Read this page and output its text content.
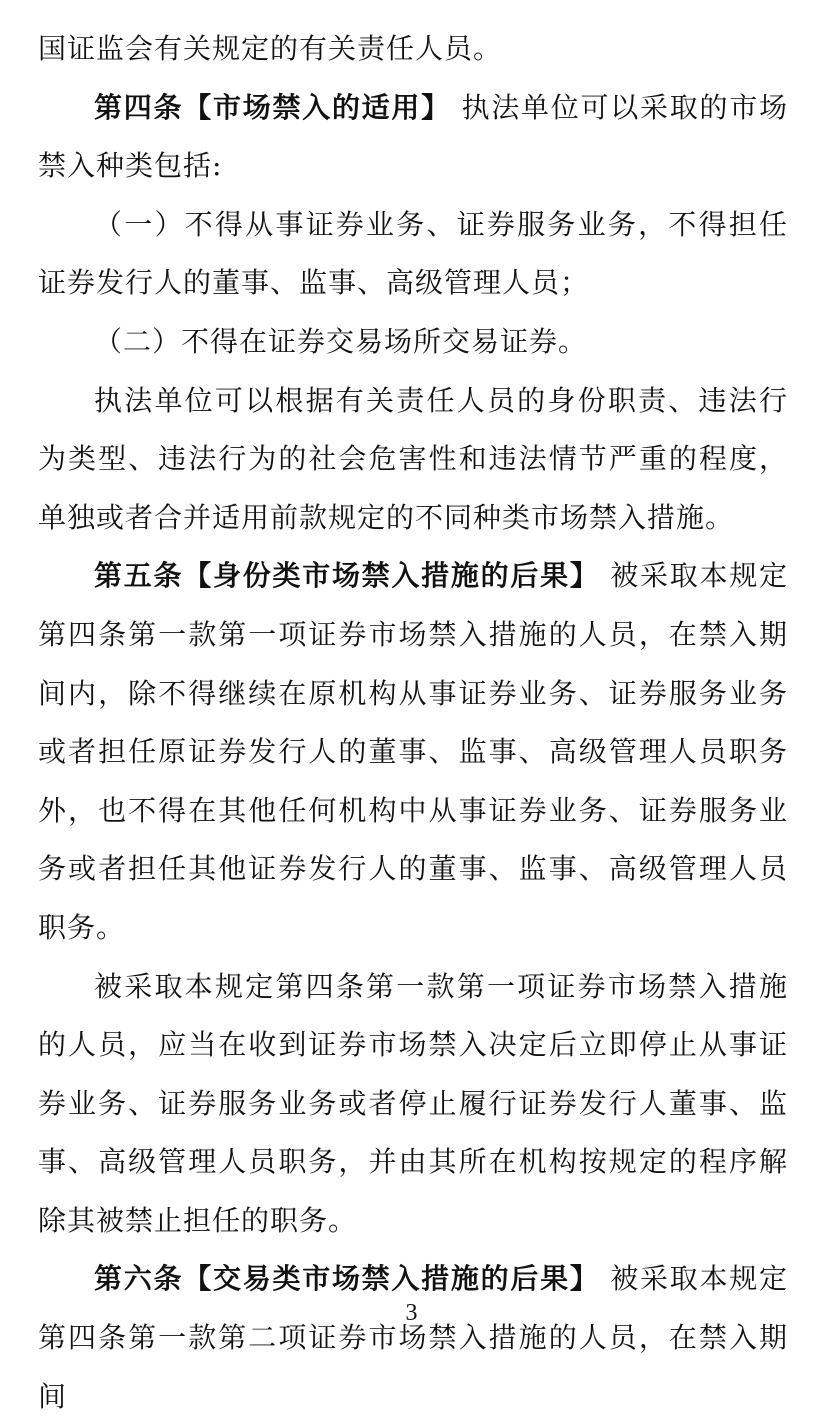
国证监会有关规定的有关责任人员。

第四条【市场禁入的适用】 执法单位可以采取的市场禁入种类包括:

（一）不得从事证券业务、证券服务业务，不得担任证券发行人的董事、监事、高级管理人员；

（二）不得在证券交易场所交易证券。

执法单位可以根据有关责任人员的身份职责、违法行为类型、违法行为的社会危害性和违法情节严重的程度，单独或者合并适用前款规定的不同种类市场禁入措施。

第五条【身份类市场禁入措施的后果】 被采取本规定第四条第一款第一项证券市场禁入措施的人员，在禁入期间内，除不得继续在原机构从事证券业务、证券服务业务或者担任原证券发行人的董事、监事、高级管理人员职务外，也不得在其他任何机构中从事证券业务、证券服务业务或者担任其他证券发行人的董事、监事、高级管理人员职务。

被采取本规定第四条第一款第一项证券市场禁入措施的人员，应当在收到证券市场禁入决定后立即停止从事证券业务、证券服务业务或者停止履行证券发行人董事、监事、高级管理人员职务，并由其所在机构按规定的程序解除其被禁止担任的职务。

第六条【交易类市场禁入措施的后果】 被采取本规定第四条第一款第二项证券市场禁入措施的人员，在禁入期间

3
